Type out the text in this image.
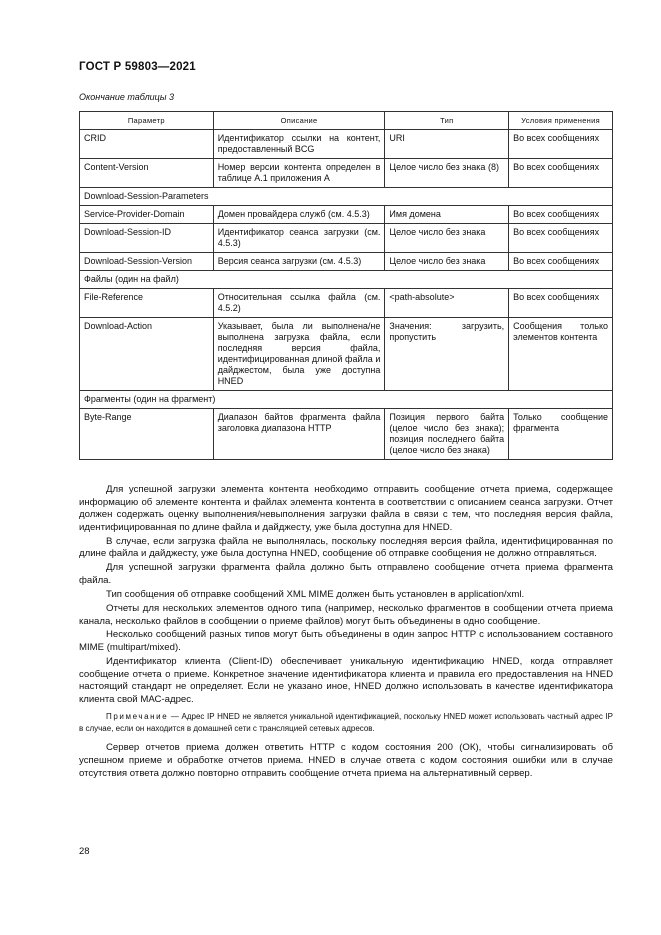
ГОСТ Р 59803—2021
Окончание таблицы 3
Параметр	Описание	Тип	Условия применения
CRID	Идентификатор ссылки на контент, предоставленный BCG	URI	Во всех сообщениях
Content-Version	Номер версии контента определен в таблице А.1 приложения А	Целое число без знака (8)	Во всех сообщениях
Download-Session-Parameters			
Service-Provider-Domain	Домен провайдера служб (см. 4.5.3)	Имя домена	Во всех сообщениях
Download-Session-ID	Идентификатор сеанса загрузки (см. 4.5.3)	Целое число без знака	Во всех сообщениях
Download-Session-Version	Версия сеанса загрузки (см. 4.5.3)	Целое число без знака	Во всех сообщениях
Файлы (один на файл)			
File-Reference	Относительная ссылка файла (см. 4.5.2)	<path-absolute>	Во всех сообщениях
Download-Action	Указывает, была ли выполнена/не выполнена загрузка файла, если последняя версия файла, идентифицированная длиной файла и дайджестом, была уже доступна HNED	Значения: загрузить, пропустить	Сообщения только элементов контента
Фрагменты (один на фрагмент)			
Byte-Range	Диапазон байтов фрагмента файла заголовка диапазона HTTP	Позиция первого байта (целое число без знака); позиция последнего байта (целое число без знака)	Только сообщение фрагмента

Для успешной загрузки элемента контента необходимо отправить сообщение отчета приема, содержащее информацию об элементе контента и файлах элемента контента в соответствии с описанием сеанса загрузки. Отчет должен содержать оценку выполнения/невыполнения загрузки файла в связи с тем, что последняя версия файла, идентифицированная по длине файла и дайджесту, уже была доступна для HNED.

В случае, если загрузка файла не выполнялась, поскольку последняя версия файла, идентифицированная по длине файла и дайджесту, уже была доступна HNED, сообщение об отправке сообщения не должно отправляться.

Для успешной загрузки фрагмента файла должно быть отправлено сообщение отчета приема фрагмента файла.

Тип сообщения об отправке сообщений XML MIME должен быть установлен в application/xml.

Отчеты для нескольких элементов одного типа (например, несколько фрагментов в сообщении отчета приема канала, несколько файлов в сообщении о приеме файлов) могут быть объединены в одно сообщение.

Несколько сообщений разных типов могут быть объединены в один запрос HTTP с использованием составного MIME (multipart/mixed).

Идентификатор клиента (Client-ID) обеспечивает уникальную идентификацию HNED, когда отправляет сообщение отчета о приеме. Конкретное значение идентификатора клиента и правила его предоставления на HNED настоящий стандарт не определяет. Если не указано иное, HNED должно использовать в качестве идентификатора клиента свой МАС-адрес.

Примечание — Адрес IP HNED не является уникальной идентификацией, поскольку HNED может использовать частный адрес IP в случае, если он находится в домашней сети с трансляцией сетевых адресов.

Сервер отчетов приема должен ответить HTTP с кодом состояния 200 (ОК), чтобы сигнализировать об успешном приеме и обработке отчетов приема. HNED в случае ответа с кодом состояния ошибки или в случае отсутствия ответа должно повторно отправить сообщение отчета приема на альтернативный сервер.

28
